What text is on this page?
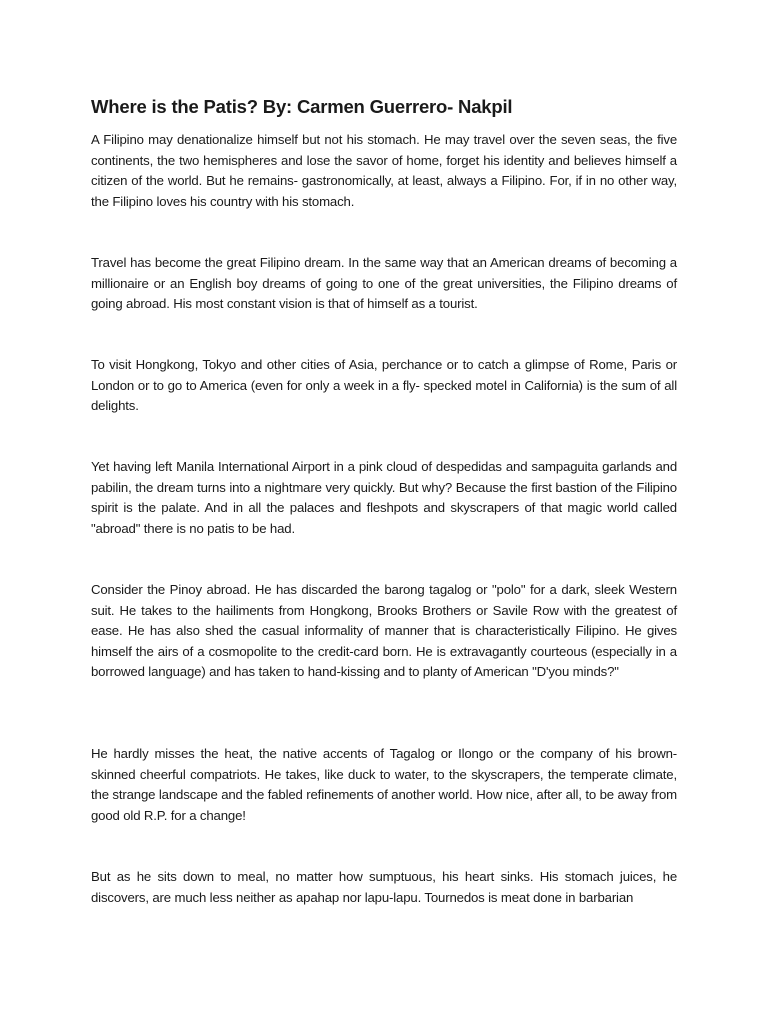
Where is the Patis? By: Carmen Guerrero- Nakpil

A Filipino may denationalize himself but not his stomach. He may travel over the seven seas, the five continents, the two hemispheres and lose the savor of home, forget his identity and believes himself a citizen of the world. But he remains- gastronomically, at least, always a Filipino. For, if in no other way, the Filipino loves his country with his stomach.

Travel has become the great Filipino dream. In the same way that an American dreams of becoming a millionaire or an English boy dreams of going to one of the great universities, the Filipino dreams of going abroad. His most constant vision is that of himself as a tourist.

To visit Hongkong, Tokyo and other cities of Asia, perchance or to catch a glimpse of Rome, Paris or London or to go to America (even for only a week in a fly- specked motel in California) is the sum of all delights.

Yet having left Manila International Airport in a pink cloud of despedidas and sampaguita garlands and pabilin, the dream turns into a nightmare very quickly. But why? Because the first bastion of the Filipino spirit is the palate. And in all the palaces and fleshpots and skyscrapers of that magic world called "abroad" there is no patis to be had.

Consider the Pinoy abroad. He has discarded the barong tagalog or "polo" for a dark, sleek Western suit. He takes to the hailiments from Hongkong, Brooks Brothers or Savile Row with the greatest of ease. He has also shed the casual informality of manner that is characteristically Filipino. He gives himself the airs of a cosmopolite to the credit-card born. He is extravagantly courteous (especially in a borrowed language) and has taken to hand-kissing and to planty of American "D'you minds?"

He hardly misses the heat, the native accents of Tagalog or Ilongo or the company of his brown-skinned cheerful compatriots. He takes, like duck to water, to the skyscrapers, the temperate climate, the strange landscape and the fabled refinements of another world. How nice, after all, to be away from good old R.P. for a change!

But as he sits down to meal, no matter how sumptuous, his heart sinks. His stomach juices, he discovers, are much less neither as apahap nor lapu-lapu. Tournedos is meat done in barbarian
